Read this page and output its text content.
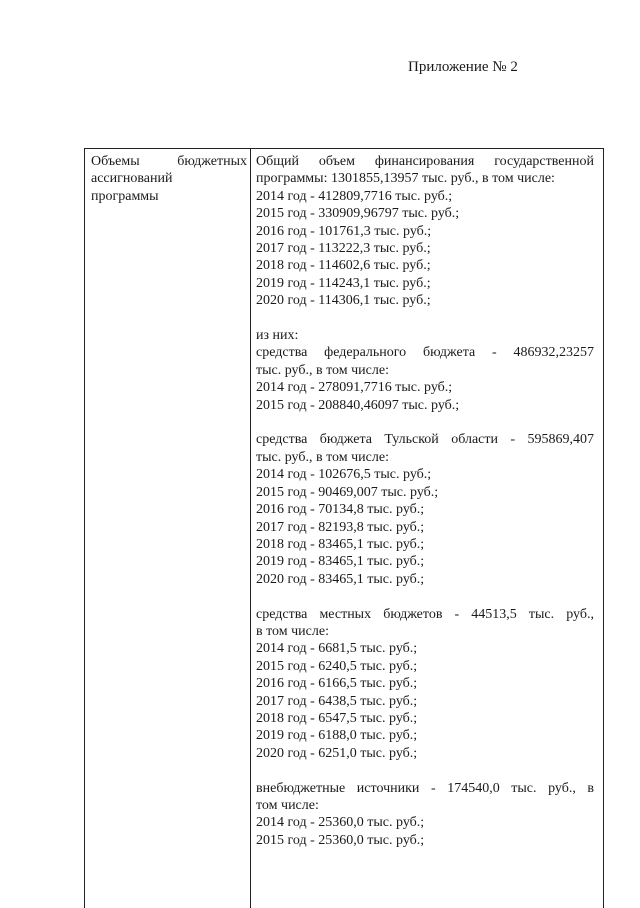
Приложение № 2
Объемы	бюджетных
ассигнований
программы
Общий объем финансирования государственной
программы: 1301855,13957 тыс. руб., в том числе:
2014 год - 412809,7716 тыс. руб.;
2015 год - 330909,96797 тыс. руб.;
2016 год - 101761,3 тыс. руб.;
2017 год - 113222,3 тыс. руб.;
2018 год - 114602,6 тыс. руб.;
2019 год - 114243,1 тыс. руб.;
2020 год - 114306,1 тыс. руб.;
из них:
средства федерального бюджета - 486932,23257
тыс. руб., в том числе:
2014 год - 278091,7716 тыс. руб.;
2015 год - 208840,46097 тыс. руб.;
средства бюджета Тульской области - 595869,407
тыс. руб., в том числе:
2014 год - 102676,5 тыс. руб.;
2015 год - 90469,007 тыс. руб.;
2016 год - 70134,8 тыс. руб.;
2017 год - 82193,8 тыс. руб.;
2018 год - 83465,1 тыс. руб.;
2019 год - 83465,1 тыс. руб.;
2020 год - 83465,1 тыс. руб.;
средства местных бюджетов - 44513,5 тыс. руб.,
в том числе:
2014 год - 6681,5 тыс. руб.;
2015 год - 6240,5 тыс. руб.;
2016 год - 6166,5 тыс. руб.;
2017 год - 6438,5 тыс. руб.;
2018 год - 6547,5 тыс. руб.;
2019 год - 6188,0 тыс. руб.;
2020 год - 6251,0 тыс. руб.;
внебюджетные источники - 174540,0 тыс. руб., в
том числе:
2014 год - 25360,0 тыс. руб.;
2015 год - 25360,0 тыс. руб.;
